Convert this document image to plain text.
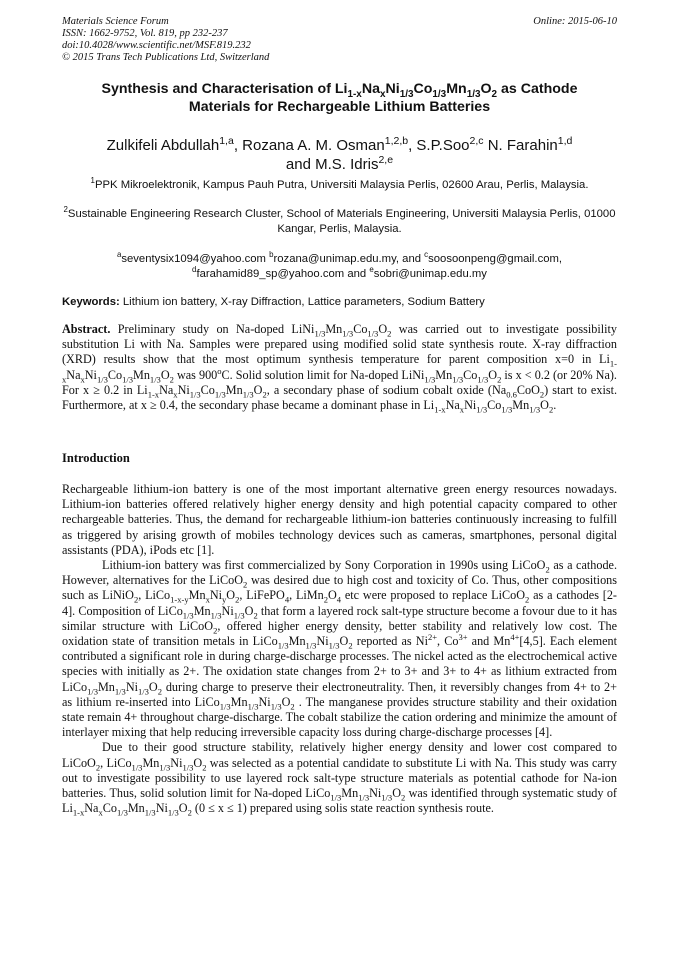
Materials Science Forum
ISSN: 1662-9752, Vol. 819, pp 232-237
doi:10.4028/www.scientific.net/MSF.819.232
© 2015 Trans Tech Publications Ltd, Switzerland
Online: 2015-06-10
Synthesis and Characterisation of $Li_{1-x}Na_xNi_{1/3}Co_{1/3}Mn_{1/3}O_2$ as Cathode
Materials for Rechargeable Lithium Batteries
Zulkifeli Abdullah$^{1,a}$, Rozana A. M. Osman$^{1,2,b}$, S.P.Soo$^{2,c}$ N. Farahin$^{1,d}$
and M.S. Idris$^{2,e}$
$^1$PPK Mikroelektronik, Kampus Pauh Putra, Universiti Malaysia Perlis, 02600 Arau, Perlis, Malaysia.
$^2$Sustainable Engineering Research Cluster, School of Materials Engineering, Universiti Malaysia Perlis, 01000 Kangar, Perlis, Malaysia.
$^a$seventysix1094@yahoo.com $^b$rozana@unimap.edu.my, and $^c$soosoonpeng@gmail.com,
$^d$farahamid89_sp@yahoo.com and $^e$sobri@unimap.edu.my
Keywords: Lithium ion battery, X-ray Diffraction, Lattice parameters, Sodium Battery
Abstract. Preliminary study on Na-doped $LiNi_{1/3}Mn_{1/3}Co_{1/3}O_2$ was carried out to investigate possibility substitution Li with Na. Samples were prepared using modified solid state synthesis route. X-ray diffraction (XRD) results show that the most optimum synthesis temperature for parent composition x=0 in $Li_{1-x}Na_xNi_{1/3}Co_{1/3}Mn_{1/3}O_2$ was 900$^o$C. Solid solution limit for Na-doped $LiNi_{1/3}Mn_{1/3}Co_{1/3}O_2$ is x < 0.2 (or 20% Na). For x ≥ 0.2 in $Li_{1-x}Na_xNi_{1/3}Co_{1/3}Mn_{1/3}O_2$, a secondary phase of sodium cobalt oxide $(Na_{0.6}CoO_2)$ start to exist. Furthermore, at x ≥ 0.4, the secondary phase became a dominant phase in $Li_{1-x}Na_xNi_{1/3}Co_{1/3}Mn_{1/3}O_2$.
Introduction

Rechargeable lithium-ion battery is one of the most important alternative green energy resources nowadays. Lithium-ion batteries offered relatively higher energy density and high potential capacity compared to other rechargeable batteries. Thus, the demand for rechargeable lithium-ion batteries continuously increasing to fulfill as triggered by arising growth of mobiles technology devices such as cameras, smartphones, personal digital assistants (PDA), iPods etc [1].

Lithium-ion battery was first commercialized by Sony Corporation in 1990s using LiCoO$_2$ as a cathode. However, alternatives for the LiCoO$_2$ was desired due to high cost and toxicity of Co. Thus, other compositions such as LiNiO$_2$, $LiCo_{1-x-y}Mn_xNi_yO_2$, LiFePO$_4$, $LiMn_2O_4$ etc were proposed to replace LiCoO$_2$ as a cathodes [2-4]. Composition of $LiCo_{1/3}Mn_{1/3}Ni_{1/3}O_2$ that form a layered rock salt-type structure become a fovour due to it has similar structure with LiCoO$_2$, offered higher energy density, better stability and relatively low cost. The oxidation state of transition metals in $LiCo_{1/3}Mn_{1/3}Ni_{1/3}O_2$ reported as $Ni^{2+}$, $Co^{3+}$ and $Mn^{4+}[4,5]$. Each element contributed a significant role in during charge-discharge processes. The nickel acted as the electrochemical active species with initially as 2+. The oxidation state changes from 2+ to 3+ and 3+ to 4+ as lithium extracted from $LiCo_{1/3}Mn_{1/3}Ni_{1/3}O_2$ during charge to preserve their electroneutrality. Then, it reversibly changes from 4+ to 2+ as lithium re-inserted into $LiCo_{1/3}Mn_{1/3}Ni_{1/3}O_2$ . The manganese provides structure stability and their oxidation state remain 4+ throughout charge-discharge. The cobalt stabilize the cation ordering and minimize the amount of interlayer mixing that help reducing irreversible capacity loss during charge-discharge processes [4].

Due to their good structure stability, relatively higher energy density and lower cost compared to LiCoO$_2$, $LiCo_{1/3}Mn_{1/3}Ni_{1/3}O_2$ was selected as a potential candidate to substitute Li with Na. This study was carry out to investigate possibility to use layered rock salt-type structure materials as potential cathode for Na-ion batteries. Thus, solid solution limit for Na-doped $LiCo_{1/3}Mn_{1/3}Ni_{1/3}O_2$ was identified through systematic study of $Li_{1-x}Na_xCo_{1/3}Mn_{1/3}Ni_{1/3}O_2$ (0 ≤ x ≤ 1) prepared using solis state reaction synthesis route.
